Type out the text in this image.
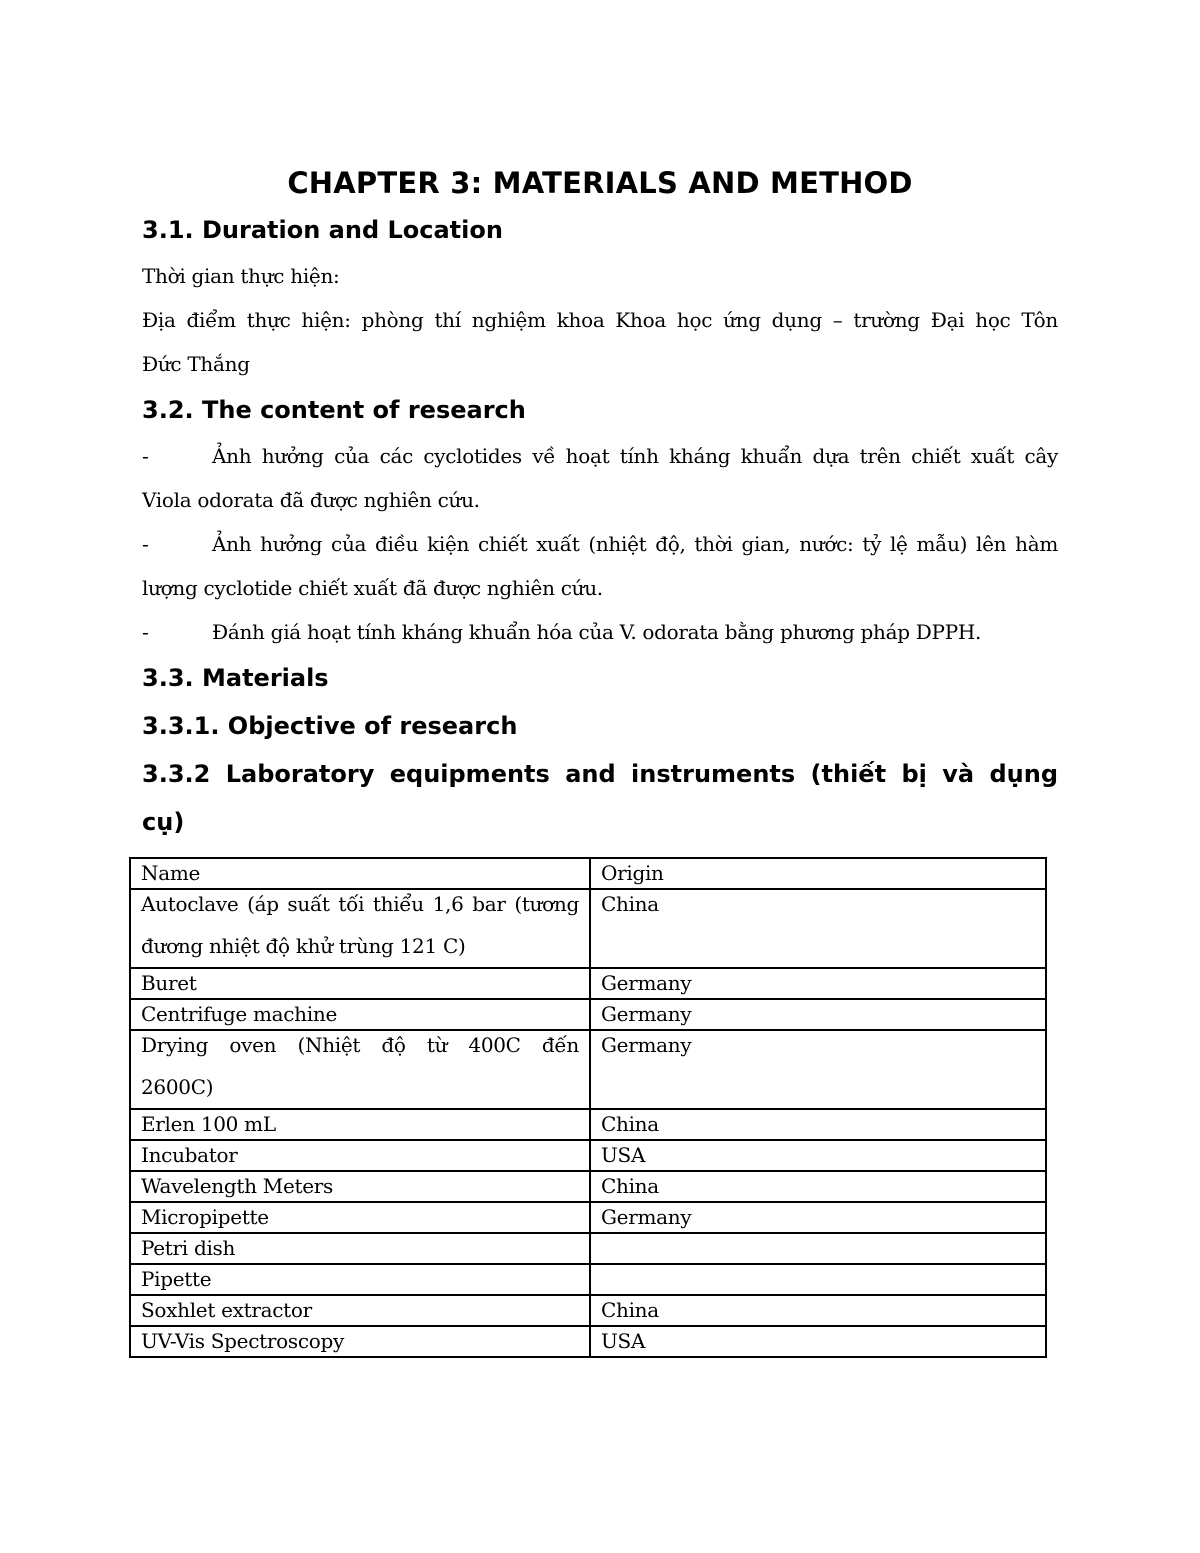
CHAPTER 3: MATERIALS AND METHOD
3.1. Duration and Location

Thời gian thực hiện:

Địa điểm thực hiện: phòng thí nghiệm khoa Khoa học ứng dụng – trường Đại học Tôn
Đức Thắng

3.2. The content of research

-	Ảnh hưởng của các cyclotides về hoạt tính kháng khuẩn dựa trên chiết xuất cây
Viola odorata đã được nghiên cứu.

-	Ảnh hưởng của điều kiện chiết xuất (nhiệt độ, thời gian, nước: tỷ lệ mẫu) lên hàm
lượng cyclotide chiết xuất đã được nghiên cứu.

-	Đánh giá hoạt tính kháng khuẩn hóa của V. odorata bằng phương pháp DPPH.

3.3. Materials
3.3.1. Objective of research
3.3.2 Laboratory equipments and instruments (thiết bị và dụng
cụ)
Name	Origin

Autoclave (áp suất tối thiểu 1,6 bar (tương
đương nhiệt độ khử trùng 121 C)	China
Buret	Germany
Centrifuge machine	Germany

Drying oven (Nhiệt độ từ 400C đến
2600C)	Germany
Erlen 100 mL	China
Incubator	USA
Wavelength Meters	China
Micropipette	Germany
Petri dish	
Pipette	
Soxhlet extractor	China
UV-Vis Spectroscopy	USA
